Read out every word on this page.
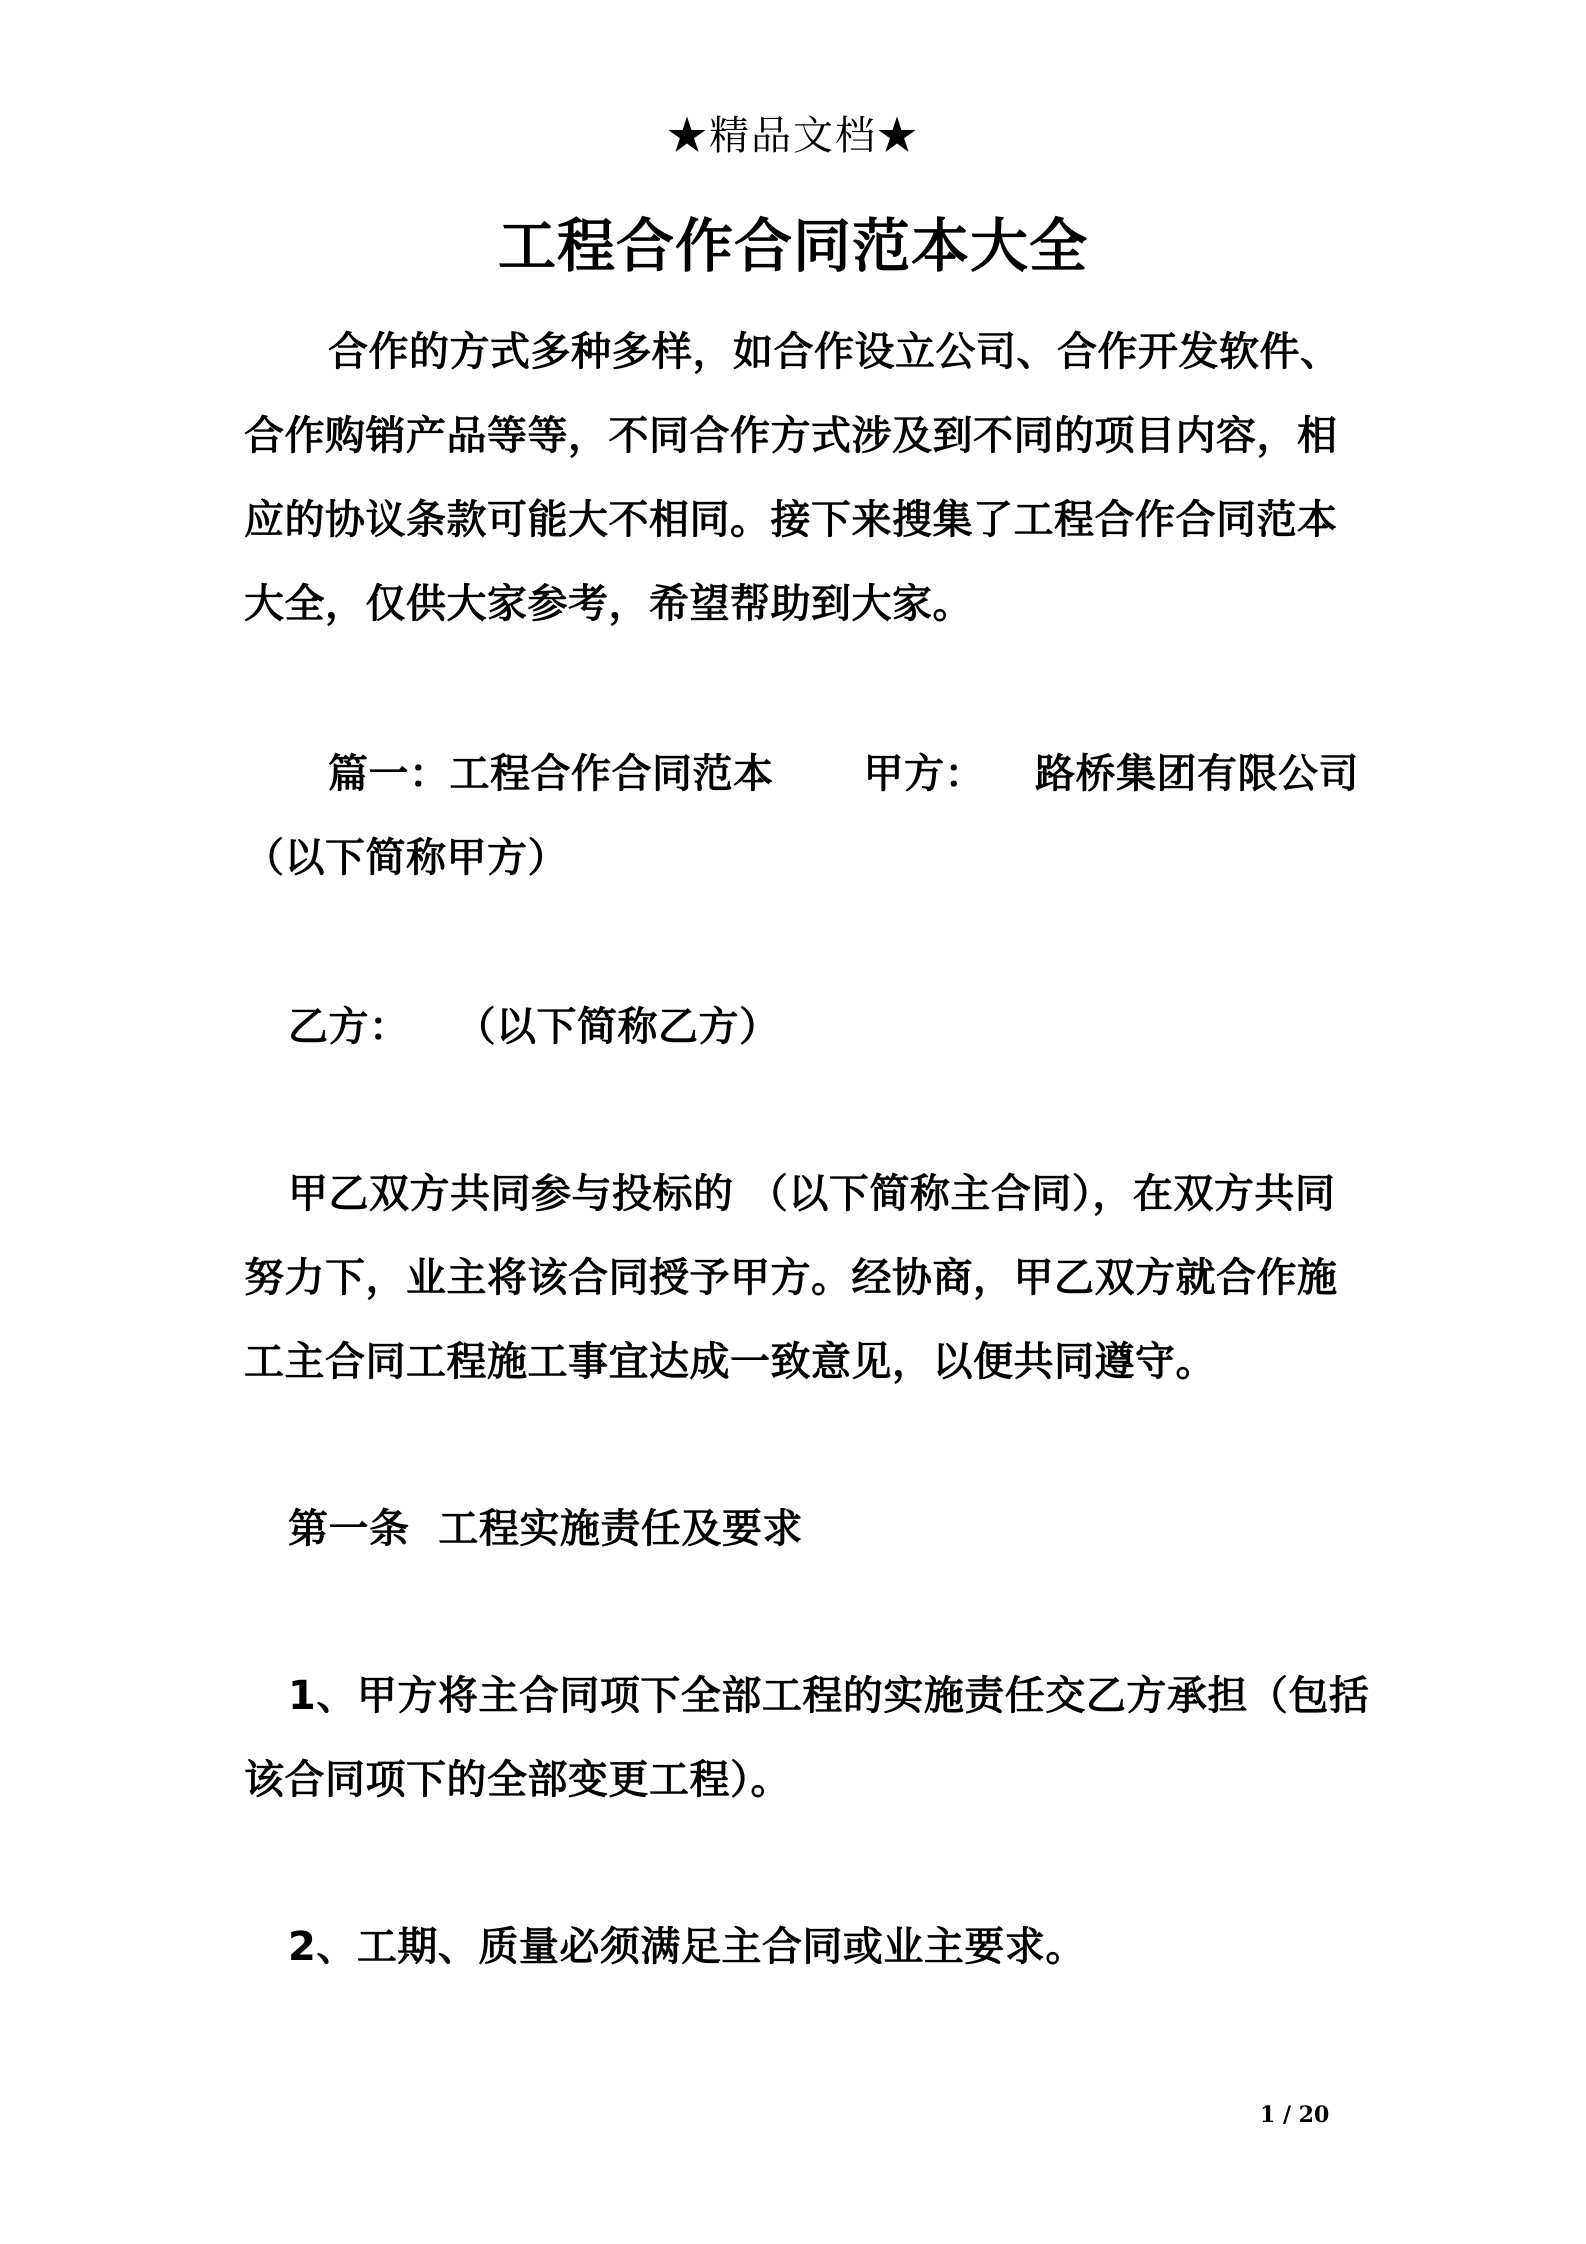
★精品文档★
工程合作合同范本大全
合作的方式多种多样，如合作设立公司、合作开发软件、
合作购销产品等等，不同合作方式涉及到不同的项目内容，相
应的协议条款可能大不相同。接下来搜集了工程合作合同范本
大全，仅供大家参考，希望帮助到大家。
篇一：工程合作合同范本 甲方： 路桥集团有限公司
（以下简称甲方）
乙方： （以下简称乙方）
甲乙双方共同参与投标的 （以下简称主合同），在双方共同
努力下，业主将该合同授予甲方。经协商，甲乙双方就合作施
工主合同工程施工事宜达成一致意见，以便共同遵守。
第一条  工程实施责任及要求
1、甲方将主合同项下全部工程的实施责任交乙方承担（包括
该合同项下的全部变更工程）。
2、工期、质量必须满足主合同或业主要求。
1 / 20
